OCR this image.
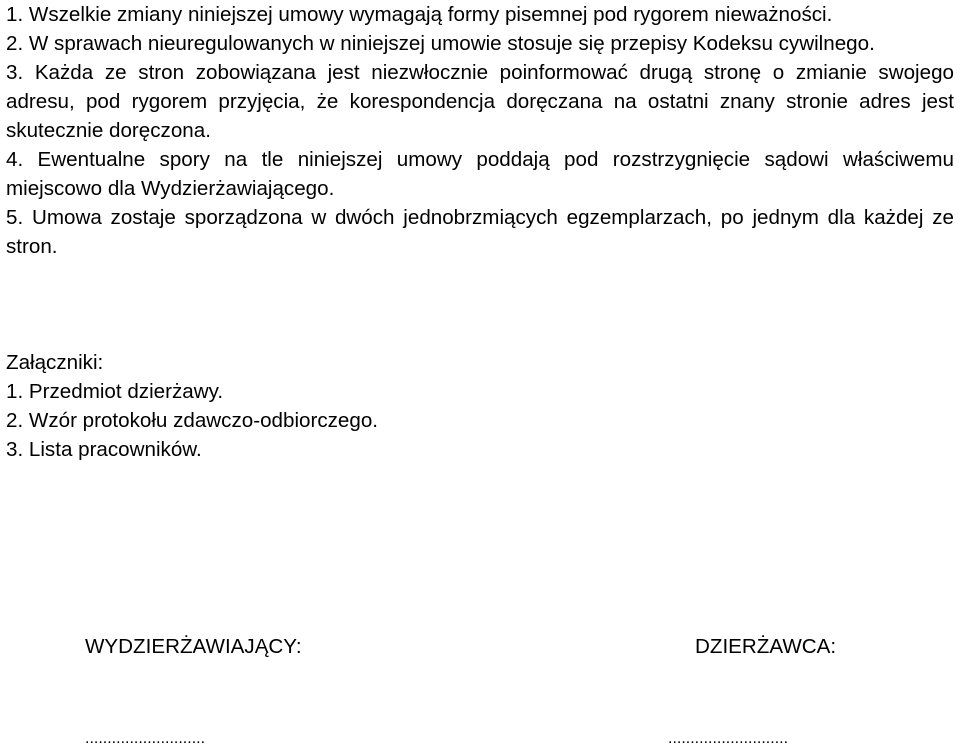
1. Wszelkie zmiany niniejszej umowy wymagają formy pisemnej pod rygorem nieważności.

2. W sprawach nieuregulowanych w niniejszej umowie stosuje się przepisy Kodeksu cywilnego.

3. Każda ze stron zobowiązana jest niezwłocznie poinformować drugą stronę o zmianie swojego adresu, pod rygorem przyjęcia, że korespondencja doręczana na ostatni znany stronie adres jest skutecznie doręczona.

4. Ewentualne spory na tle niniejszej umowy poddają pod rozstrzygnięcie sądowi właściwemu miejscowo dla Wydzierżawiającego.

5. Umowa zostaje sporządzona w dwóch jednobrzmiących egzemplarzach, po jednym dla każdej ze stron.

Załączniki:

1. Przedmiot dzierżawy.

2. Wzór protokołu zdawczo-odbiorczego.

3. Lista pracowników.

WYDZIERŻAWIAJĄCY:	DZIERŻAWCA:
...........................	...........................
